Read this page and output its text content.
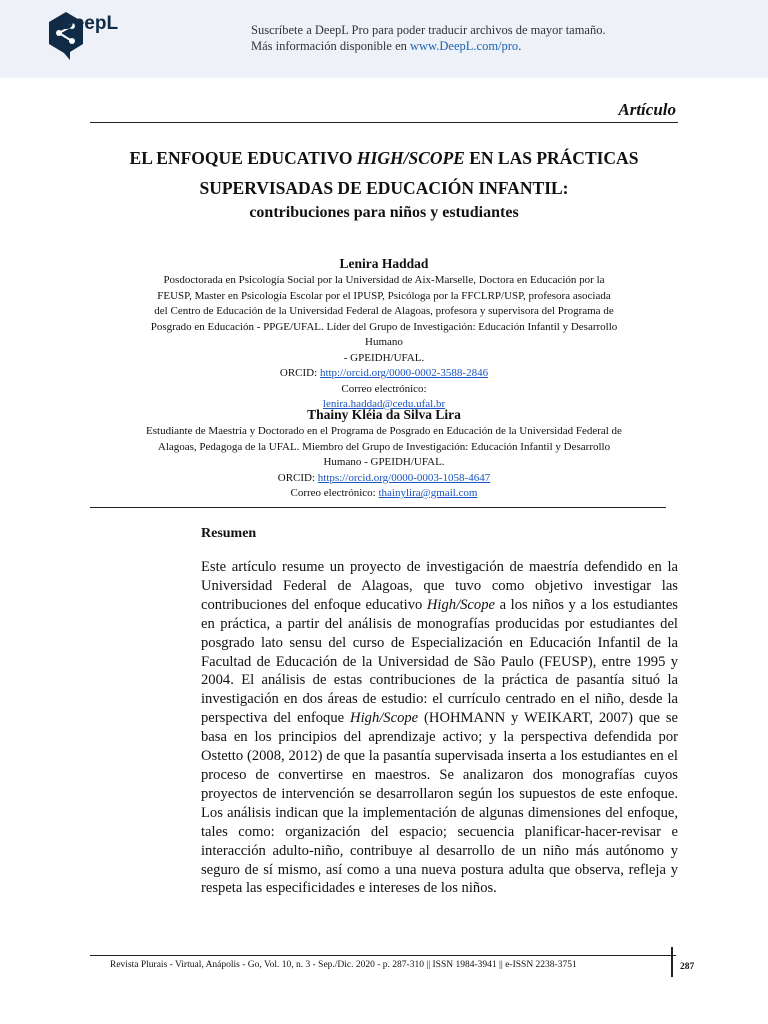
DeepL	Suscríbete a DeepL Pro para poder traducir archivos de mayor tamaño.
Más información disponible en www.DeepL.com/pro.
Artículo
EL ENFOQUE EDUCATIVO HIGH/SCOPE EN LAS PRÁCTICAS
SUPERVISADAS DE EDUCACIÓN INFANTIL:

contribuciones para niños y estudiantes

Lenira Haddad
Posdoctorada en Psicología Social por la Universidad de Aix-Marselle, Doctora en Educación por la
FEUSP, Master en Psicología Escolar por el IPUSP, Psicóloga por la FFCLRP/USP, profesora asociada
del Centro de Educación de la Universidad Federal de Alagoas, profesora y supervisora del Programa de
Posgrado en Educación - PPGE/UFAL. Líder del Grupo de Investigación: Educación Infantil y Desarrollo
Humano
- GPEIDH/UFAL.
ORCID: http://orcid.org/0000-0002-3588-2846
Correo electrónico:
lenira.haddad@cedu.ufal.br
Thainy Kléia da Silva Lira
Estudiante de Maestría y Doctorado en el Programa de Posgrado en Educación de la Universidad Federal de
Alagoas, Pedagoga de la UFAL. Miembro del Grupo de Investigación: Educación Infantil y Desarrollo
Humano - GPEIDH/UFAL.
ORCID: https://orcid.org/0000-0003-1058-4647
Correo electrónico: thainylira@gmail.com
Resumen

Este artículo resume un proyecto de investigación de maestría defendido en la Universidad Federal de Alagoas, que tuvo como objetivo investigar las contribuciones del enfoque educativo High/Scope a los niños y a los estudiantes en práctica, a partir del análisis de monografías producidas por estudiantes del posgrado lato sensu del curso de Especialización en Educación Infantil de la Facultad de Educación de la Universidad de São Paulo (FEUSP), entre 1995 y 2004. El análisis de estas contribuciones de la práctica de pasantía situó la investigación en dos áreas de estudio: el currículo centrado en el niño, desde la perspectiva del enfoque High/Scope (HOHMANN y WEIKART, 2007) que se basa en los principios del aprendizaje activo; y la perspectiva defendida por Ostetto (2008, 2012) de que la pasantía supervisada inserta a los estudiantes en el proceso de convertirse en maestros. Se analizaron dos monografías cuyos proyectos de intervención se desarrollaron según los supuestos de este enfoque. Los análisis indican que la implementación de algunas dimensiones del enfoque, tales como: organización del espacio; secuencia planificar-hacer-revisar e interacción adulto-niño, contribuye al desarrollo de un niño más autónomo y seguro de sí mismo, así como a una nueva postura adulta que observa, refleja y respeta las especificidades e intereses de los niños.

Revista Plurais - Virtual, Anápolis - Go, Vol. 10, n. 3 - Sep./Dic. 2020 - p. 287-310 || ISSN 1984-3941 || e-ISSN 2238-3751	287
